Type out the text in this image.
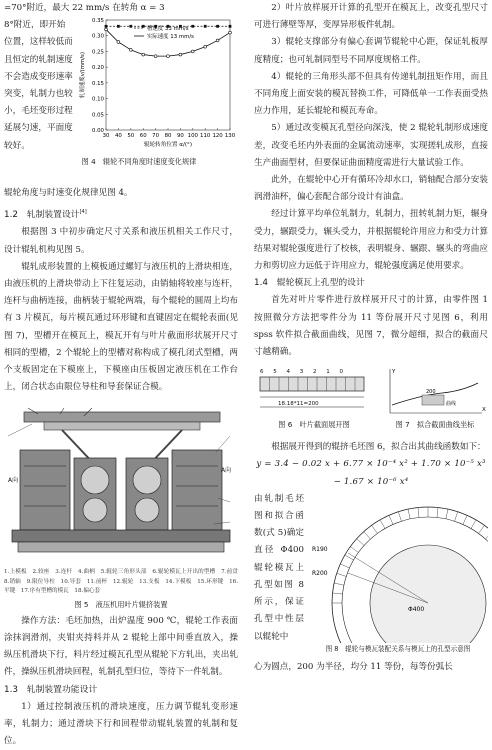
0.00
0.05
0.10
0.15
0.20
0.25
0.30
0.35
30 40 50 60 70 80 90 100 110 120 130
辊轮转角位置 α/(°)
轧制速度v/(mm/s)
槽速度 33 mm/s
实际速度 13 mm/s

图 4　辊轮不同角度时速度变化规律

=70°附近，最大 22 mm/s 在转角 α = 3
8°附近，即开始
位置，这样较低而
且恒定的轧制速度
不会造成变形速率
突变，轧制力也较
小，毛坯变形过程
延展匀速，平面度
较好。

辊轮角度与时速变化规律见图 4。

1.2　轧制装置设计[4]

根据图 3 中初步确定尺寸关系和液压机相关工作尺寸，设计辊轧机构见图 5。

辊轧成形装置的上模板通过螺钉与液压机的上滑块相连，由液压机的上滑块带动上下往复运动，由销轴将较座与连杆，连杆与曲柄连接，曲柄装于辊轮两端，每个辊轮的圆周上均布有 3 片模瓦，每片模瓦通过环形键和直键固定在辊轮表面(见图 7)，型槽开在模瓦上，模瓦开有与叶片截面形状展开尺寸相同的型槽，2 个辊轮上的型槽对称构成了模孔闭式型槽，两个支板固定在下模座上，下模座由压板固定液压机在工作台上，闭合状态由限位导柱和导套保证合模。

A向
A向

1.上模板　2.较座　3.连杆　4.曲柄　5.辊轮三角形头部　6.辊轮模瓦上开出的型槽　7.前盘　8.销轴　9.限位导柱　10.导套　11.前杯　12.辊轮　13.支板　14.下模板　15.环形键　16.平键　17.序有型槽的模瓦　18.偏心套

图 5　液压机用叶片辊挤装置

操作方法：毛坯加热，出炉温度 900 ℃，辊轮工作表面涂抹润滑剂，夹钳夹持料并从 2 辊轮上部中间垂直放入，操纵压机滑块下行，料片经过模瓦孔型从辊轮下方轧出，夹出轧件，操纵压机滑块回程，轧制孔型归位，等待下一件轧制。

1.3　轧制装置功能设计

1）通过控制液压机的滑块速度，压力调节辊轧变形速率，轧制力；通过滑块下行和回程带动辊轧装置的轧制和复位。

2）叶片放样展开计算的孔型开在模瓦上，改变孔型尺寸可进行薄壁等厚，变厚异形板件轧制。

3）辊轮支撑部分有偏心套调节辊轮中心距，保证轧板厚度精度；也可轧制同型号不同厚度规格工件。

4）辊轮的三角形头部不但具有传递轧制扭矩作用，而且不同角度上面安装的模瓦替换工件，可降低单一工作表面受热应力作用，延长辊轮和模瓦寿命。

5）通过改变模瓦孔型径向深浅，使 2 辊轮轧制形成速度差，改变毛坯内外表面的金属流动速率，实现搓轧成形，直接生产曲面型材，但要保证曲面精度需进行大量试验工作。

此外，在辊轮中心开有循环冷却水口，销轴配合部分安装润滑油杯，偏心套配合部分设计有油盒。

经过计算平均单位轧制力，轧制力，扭转轧制力矩，辗身受力，辗跟受力，辗头受力，并根据辊轮许用应力和受力计算结果对辊轮强度进行了校核，表明辊身、辗跟、辗头的弯曲应力和剪切应力远低于许用应力，辊轮强度满足使用要求。

1.4　辊轮模瓦上孔型的设计

首先对叶片零件进行放样展开尺寸的计算，由零件图 1 按照微分方法把零件分为 11 等份展开尺寸见图 6，利用 spss 软件拟合截面曲线，见图 7，微分超细，拟合的截面尺寸越精确。

6 5 4 3 2 1 0
18.18*11=200

图 6　叶片截面展开图

X
Y
200
曲线

图 7　拟合截面曲线坐标

根据展开得到的辊挤毛坯图 6，拟合出其曲线函数如下：

y = 3.4 − 0.02 x + 6.77 × 10⁻⁴ x² + 1.70 × 10⁻⁵ x³ − 1.67 × 10⁻⁶ x⁴

由轧制毛坯图和拟合函数(式 5)确定直径 Φ400 辊轮模瓦上孔型如图 8 所示，保证孔型中性层以辊轮中
R190
R200
Φ400

图 8　辊轮与模瓦装配关系与模瓦上的孔型示意图

心为圆点，200 为半径，均分 11 等份，每等份弧长
